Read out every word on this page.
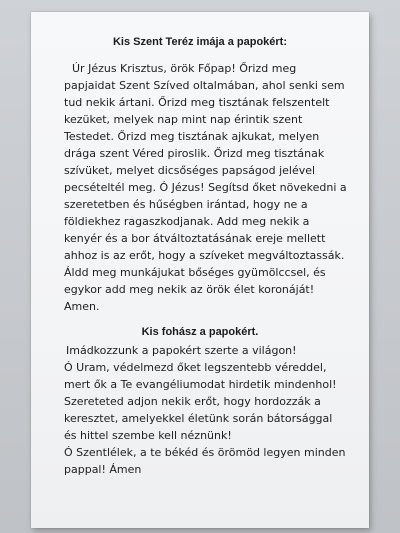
Kis Szent Teréz imája a papokért:
Úr Jézus Krisztus, örök Főpap! Őrizd meg
papjaidat Szent Szíved oltalmában, ahol senki sem
tud nekik ártani. Őrizd meg tisztának felszentelt
kezüket, melyek nap mint nap érintik szent
Testedet. Őrizd meg tisztának ajkukat, melyen
drága szent Véred piroslik. Őrizd meg tisztának
szívüket, melyet dicsőséges papságod jelével
pecsételtél meg. Ó Jézus! Segítsd őket növekedni a
szeretetben és hűségben irántad, hogy ne a
földiekhez ragaszkodjanak. Add meg nekik a
kenyér és a bor átváltoztatásának ereje mellett
ahhoz is az erőt, hogy a szíveket megváltoztassák.
Áldd meg munkájukat bőséges gyümölccsel, és
egykor add meg nekik az örök élet koronáját!
Amen.
Kis fohász a papokért.
Imádkozzunk a papokért szerte a világon!
Ó Uram, védelmezd őket legszentebb véreddel,
mert ők a Te evangéliumodat hirdetik mindenhol!
Szereteted adjon nekik erőt, hogy hordozzák a
keresztet, amelyekkel életünk során bátorsággal
és hittel szembe kell néznünk!
Ó Szentlélek, a te békéd és örömöd legyen minden
pappal! Ámen
